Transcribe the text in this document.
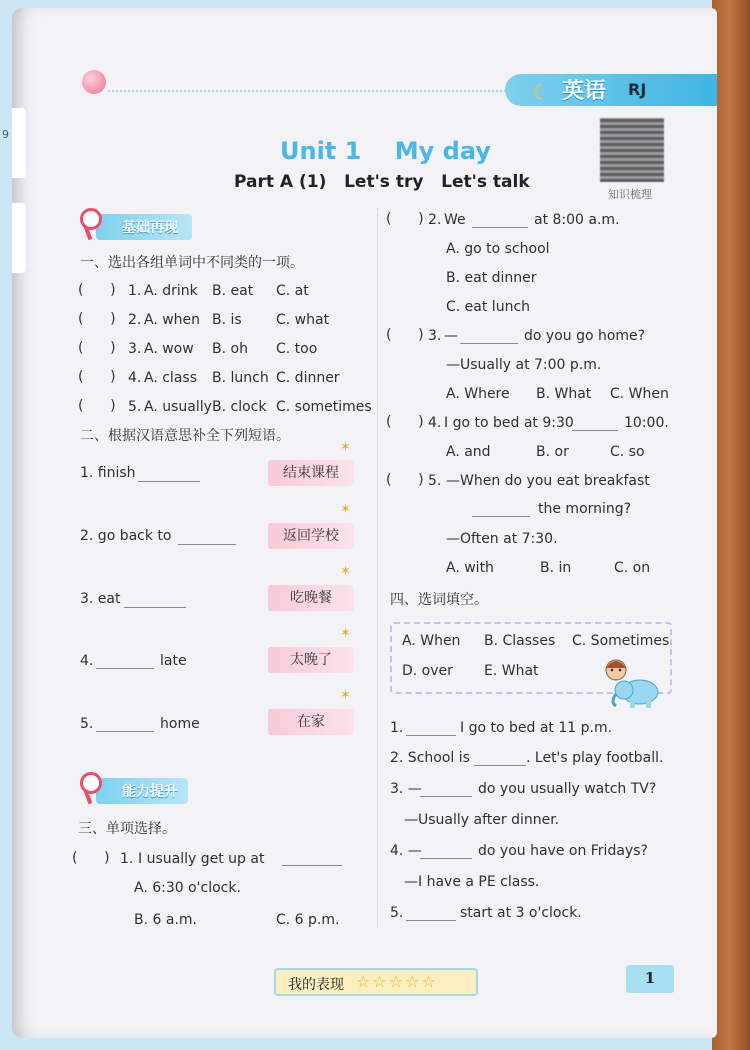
9
☾ 英语 RJ
知识梳理
Unit 1    My day
Part A (1)   Let's try   Let's talk
基础再现
一、选出各组单词中不同类的一项。
(      ) 1. A. drink B. eat C. at
(      ) 2. A. when B. is C. what
(      ) 3. A. wow B. oh C. too
(      ) 4. A. class B. lunch C. dinner
(      ) 5. A. usually B. clock C. sometimes
二、根据汉语意思补全下列短语。
1. finish
✶
结束课程
2. go back to
✶
返回学校
3. eat
✶
吃晚餐
4.	late
✶
太晚了
5.	home
✶
在家
能力提升
三、单项选择。
(      ) 1. I usually get up at
A. 6:30 o'clock.
B. 6 a.m.	C. 6 p.m.
(      ) 2. We	at 8:00 a.m.
A. go to school
B. eat dinner
C. eat lunch
(      ) 3. —	do you go home?
—Usually at 7:00 p.m.
A. Where B. What C. When
(      ) 4. I go to bed at 9:30	10:00.
A. and	B. or	C. so
(      ) 5. —When do you eat breakfast
the morning?
—Often at 7:30.
A. with	B. in	C. on
四、选词填空。
A. When B. Classes C. Sometimes
D. over E. What
1.	I go to bed at 11 p.m.
2. School is	. Let's play football.
3. —	do you usually watch TV?
—Usually after dinner.
4. —	do you have on Fridays?
—I have a PE class.
5.	start at 3 o'clock.
我的表现 ☆☆☆☆☆	1
